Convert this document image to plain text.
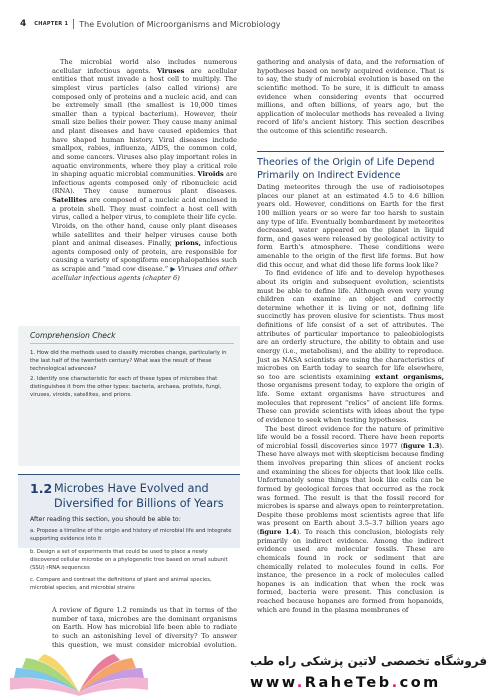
4 CHAPTER 1 The Evolution of Microorganisms and Microbiology

The microbial world also includes numerous acellular infectious agents. Viruses are acellular entities that must invade a host cell to multiply. The simplest virus particles (also called virions) are composed only of proteins and a nucleic acid, and can be extremely small (the smallest is 10,000 times smaller than a typical bacterium). However, their small size belies their power. They cause many animal and plant diseases and have caused epidemics that have shaped human history. Viral diseases include smallpox, rabies, influenza, AIDS, the common cold, and some cancers. Viruses also play important roles in aquatic environments, where they play a critical role in shaping aquatic microbial communities. Viroids are infectious agents composed only of ribonucleic acid (RNA). They cause numerous plant diseases. Satellites are composed of a nucleic acid enclosed in a protein shell. They must coinfect a host cell with virus, called a helper virus, to complete their life cycle. Viroids, on the other hand, cause only plant diseases while satellites and their helper viruses cause both plant and animal diseases. Finally, prions, infectious agents composed only of protein, are responsible for causing a variety of spongiform encephalopathies such as scrapie and “mad cow disease.” ▶ Viruses and other acellular infectious agents (chapter 6)

Comprehension Check
1. How did the methods used to classify microbes change, particularly in the last half of the twentieth century? What was the result of these technological advances?
2. Identify one characteristic for each of these types of microbes that distinguishes it from the other types: bacteria, archaea, protists, fungi, viruses, viroids, satellites, and prions.
1.2 Microbes Have Evolved and Diversified for Billions of Years
After reading this section, you should be able to:
a. Propose a timeline of the origin and history of microbial life and integrate supporting evidence into it
b. Design a set of experiments that could be used to place a newly discovered cellular microbe on a phylogenetic tree based on small subunit (SSU) rRNA sequences
c. Compare and contrast the definitions of plant and animal species, microbial species, and microbial strains

A review of figure 1.2 reminds us that in terms of the number of taxa, microbes are the dominant organisms on Earth. How has microbial life been able to radiate to such an astonishing level of diversity? To answer this question, we must consider microbial evolution.

gathering and analysis of data, and the reformation of hypotheses based on newly acquired evidence. That is to say, the study of microbial evolution is based on the scientific method. To be sure, it is difficult to amass evidence when considering events that occurred millions, and often billions, of years ago, but the application of molecular methods has revealed a living record of life's ancient history. This section describes the outcome of this scientific research.

Theories of the Origin of Life Depend Primarily on Indirect Evidence

Dating meteorites through the use of radioisotopes places our planet at an estimated 4.5 to 4.6 billion years old. However, conditions on Earth for the first 100 million years or so were far too harsh to sustain any type of life. Eventually bombardment by meteorites decreased, water appeared on the planet in liquid form, and gases were released by geological activity to form Earth's atmosphere. These conditions were amenable to the origin of the first life forms. But how did this occur, and what did these life forms look like?

To find evidence of life and to develop hypotheses about its origin and subsequent evolution, scientists must be able to define life. Although even very young children can examine an object and correctly determine whether it is living or not, defining life succinctly has proven elusive for scientists. Thus most definitions of life consist of a set of attributes. The attributes of particular importance to paleobiologists are an orderly structure, the ability to obtain and use energy (i.e., metabolism), and the ability to reproduce. Just as NASA scientists are using the characteristics of microbes on Earth today to search for life elsewhere, so too are scientists examining extant organisms, those organisms present today, to explore the origin of life. Some extant organisms have structures and molecules that represent “relics” of ancient life forms. These can provide scientists with ideas about the type of evidence to seek when testing hypotheses.

The best direct evidence for the nature of primitive life would be a fossil record. There have been reports of microbial fossil discoveries since 1977 (figure 1.3). These have always met with skepticism because finding them involves preparing thin slices of ancient rocks and examining the slices for objects that look like cells. Unfortunately some things that look like cells can be formed by geological forces that occurred as the rock was formed. The result is that the fossil record for microbes is sparse and always open to reinterpretation. Despite these problems most scientists agree that life was present on Earth about 3.5–3.7 billion years ago (figure 1.4). To reach this conclusion, biologists rely primarily on indirect evidence. Among the indirect evidence used are molecular fossils. These are chemicals found in rock or sediment that are chemically related to molecules found in cells. For instance, the presence in a rock of molecules called hopanes is an indication that when the rock was formed, bacteria were present. This conclusion is reached because hopanes are formed from hopanoids, which are found in the plasma membranes of

فروشگاه تخصصی لاتین پزشکی راه طب
www.RaheTeb.com
